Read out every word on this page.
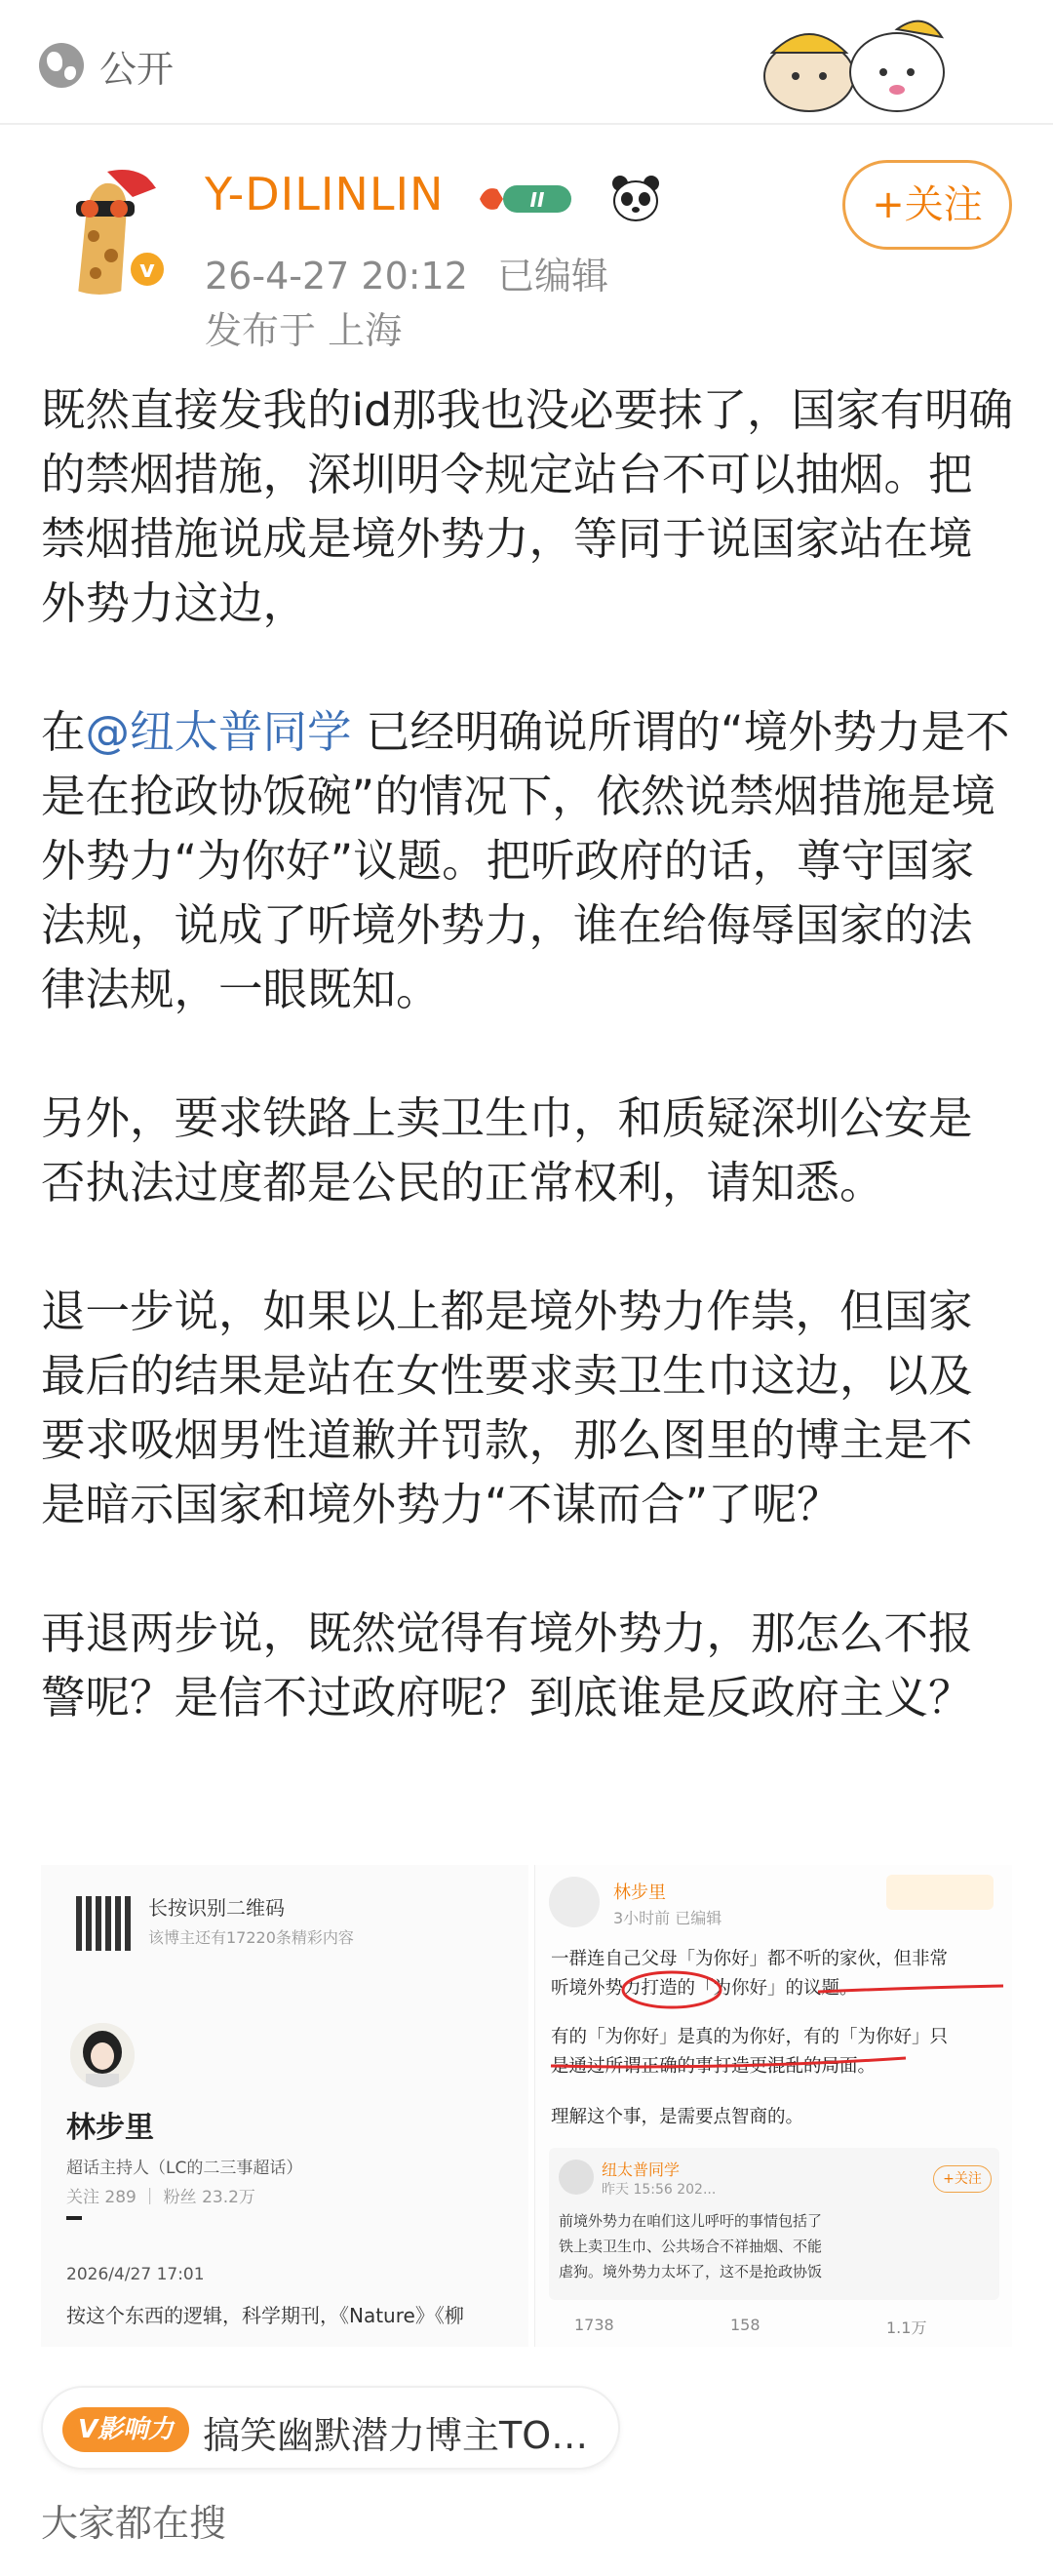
公开
v
Y-DILINLIN	II
26-4-27 20:12 已编辑
发布于 上海
+关注

既然直接发我的id那我也没必要抹了，国家有明确的禁烟措施，深圳明令规定站台不可以抽烟。把禁烟措施说成是境外势力，等同于说国家站在境外势力这边，

在@纽太普同学 已经明确说所谓的“境外势力是不是在抢政协饭碗”的情况下，依然说禁烟措施是境外势力“为你好”议题。把听政府的话，尊守国家法规，说成了听境外势力，谁在给侮辱国家的法律法规，一眼既知。

另外，要求铁路上卖卫生巾，和质疑深圳公安是否执法过度都是公民的正常权利，请知悉。

退一步说，如果以上都是境外势力作祟，但国家最后的结果是站在女性要求卖卫生巾这边，以及要求吸烟男性道歉并罚款，那么图里的博主是不是暗示国家和境外势力“不谋而合”了呢？

再退两步说，既然觉得有境外势力，那怎么不报警呢？是信不过政府呢？到底谁是反政府主义？

长按识别二维码
该博主还有17220条精彩内容
林步里
超话主持人（LC的二三事超话）
关注 289 ｜ 粉丝 23.2万
2026/4/27 17:01
按这个东西的逻辑，科学期刊，《Nature》《柳
林步里
3小时前 已编辑
一群连自己父母「为你好」都不听的家伙，但非常
听境外势力打造的「为你好」的议题。
有的「为你好」是真的为你好，有的「为你好」只
是通过所谓正确的事打造更混乱的局面。
理解这个事，是需要点智商的。
纽太普同学
昨天 15:56 202...
+关注
前境外势力在咱们这儿呼吁的事情包括了
铁上卖卫生巾、公共场合不祥抽烟、不能
虐狗。境外势力太坏了，这不是抢政协饭
1738	158	1.1万
V影响力 搞笑幽默潜力博主TO…
大家都在搜
